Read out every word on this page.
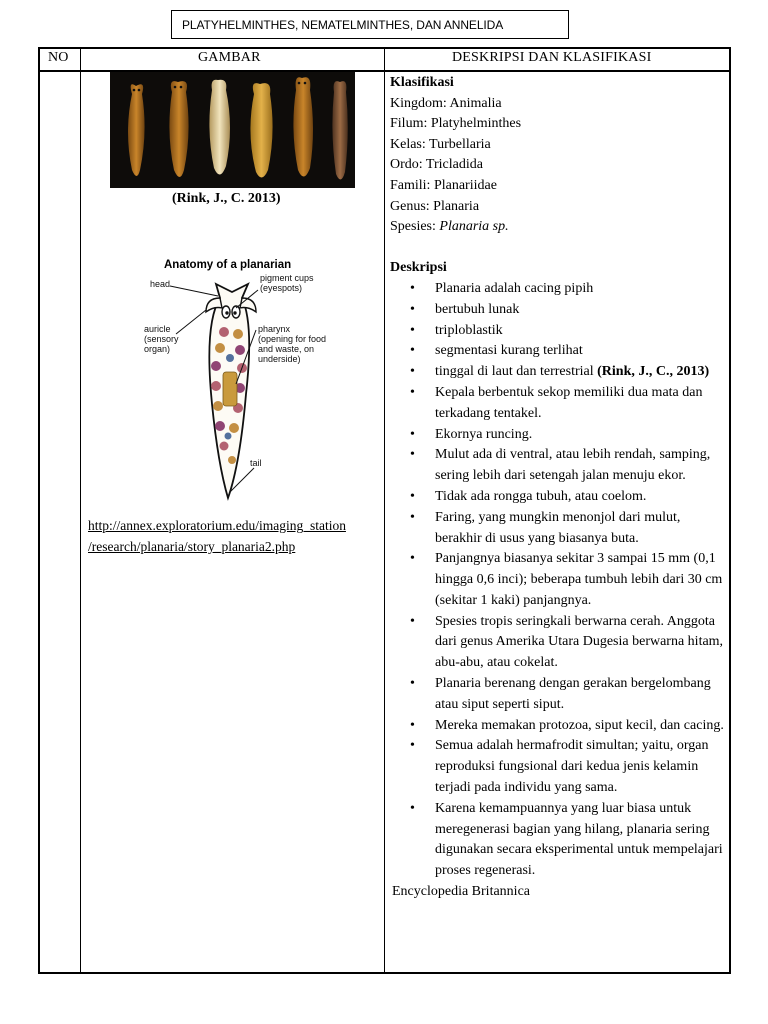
PLATYHELMINTHES, NEMATELMINTHES, DAN ANNELIDA
NO	GAMBAR	DESKRIPSI DAN KLASIFIKASI
(Rink, J., C. 2013)
Anatomy of a planarian
head
pigment cups
(eyespots)
auricle
(sensory
organ)
pharynx
(opening for food
and waste, on
underside)
tail
http://annex.exploratorium.edu/imaging_station
/research/planaria/story_planaria2.php
Klasifikasi
Kingdom: Animalia
Filum: Platyhelminthes
Kelas: Turbellaria
Ordo: Tricladida
Famili: Planariidae
Genus: Planaria
Spesies: Planaria sp.
Deskripsi
• Planaria adalah cacing pipih
• bertubuh lunak
• triploblastik
• segmentasi kurang terlihat
• tinggal di laut dan terrestrial (Rink, J., C., 2013)
• Kepala berbentuk sekop memiliki dua mata dan terkadang tentakel.
• Ekornya runcing.
• Mulut ada di ventral, atau lebih rendah, samping, sering lebih dari setengah jalan menuju ekor.
• Tidak ada rongga tubuh, atau coelom.
• Faring, yang mungkin menonjol dari mulut, berakhir di usus yang biasanya buta.
• Panjangnya biasanya sekitar 3 sampai 15 mm (0,1 hingga 0,6 inci); beberapa tumbuh lebih dari 30 cm (sekitar 1 kaki) panjangnya.
• Spesies tropis seringkali berwarna cerah. Anggota dari genus Amerika Utara Dugesia berwarna hitam, abu-abu, atau cokelat.
• Planaria berenang dengan gerakan bergelombang atau siput seperti siput.
• Mereka memakan protozoa, siput kecil, dan cacing.
• Semua adalah hermafrodit simultan; yaitu, organ reproduksi fungsional dari kedua jenis kelamin terjadi pada individu yang sama.
• Karena kemampuannya yang luar biasa untuk meregenerasi bagian yang hilang, planaria sering digunakan secara eksperimental untuk mempelajari proses regenerasi.
Encyclopedia Britannica
